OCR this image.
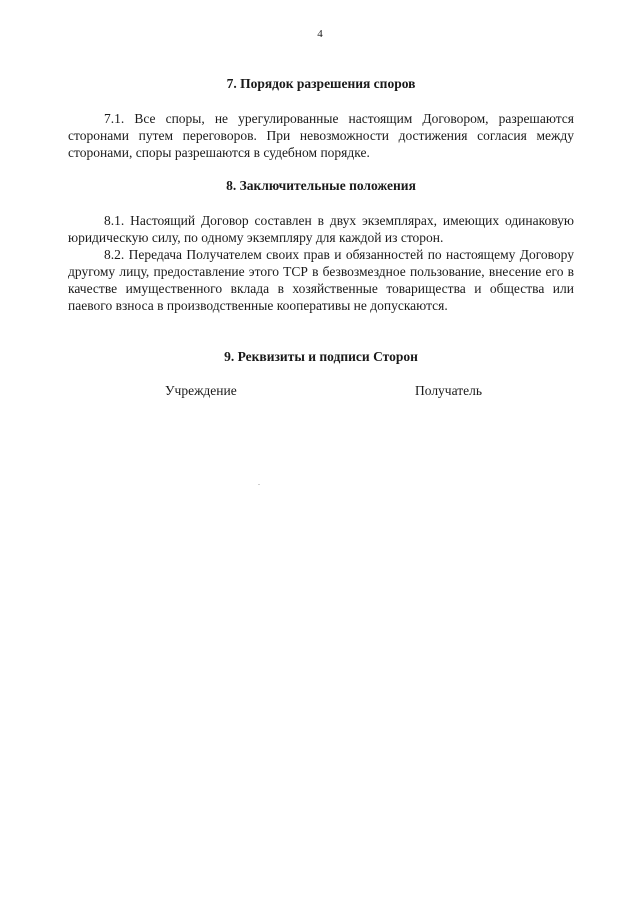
4
7. Порядок разрешения споров

7.1. Все споры, не урегулированные настоящим Договором, разрешаются сторонами путем переговоров. При невозможности достижения согласия между сторонами, споры разрешаются в судебном порядке.

8. Заключительные положения

8.1. Настоящий Договор составлен в двух экземплярах, имеющих одинаковую юридическую силу, по одному экземпляру для каждой из сторон.

8.2. Передача Получателем своих прав и обязанностей по настоящему Договору другому лицу, предоставление этого ТСР в безвозмездное пользование, внесение его в качестве имущественного вклада в хозяйственные товарищества и общества или паевого взноса в производственные кооперативы не допускаются.

9. Реквизиты и подписи Сторон
Учреждение	Получатель
